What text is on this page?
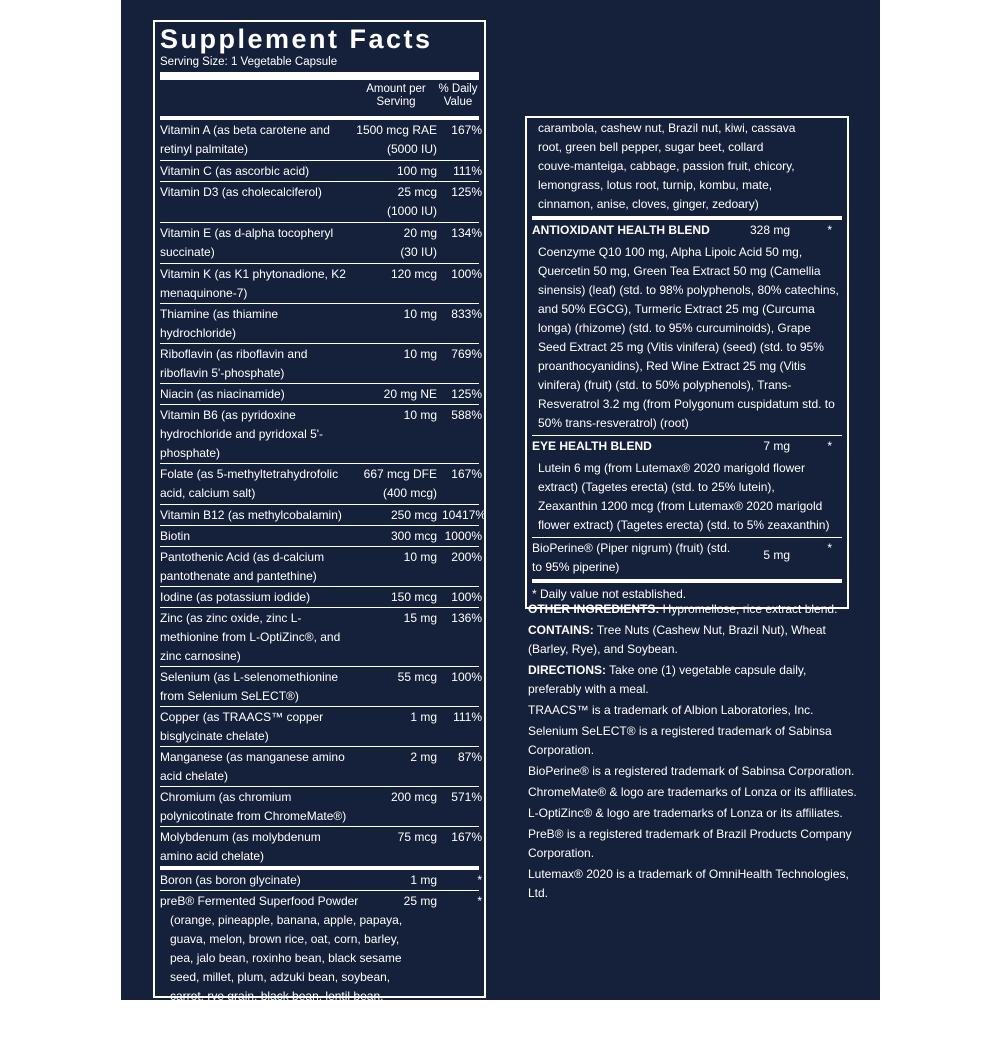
Supplement Facts
Serving Size: 1 Vegetable Capsule
Amount per Serving
% Daily Value
Vitamin A (as beta carotene and retinyl palmitate)
1500 mcg RAE	167%
(5000 IU)
Vitamin C (as ascorbic acid)	100 mg	111%
Vitamin D3 (as cholecalciferol)	25 mcg	125%
(1000 IU)
Vitamin E (as d-alpha tocopheryl succinate)
20 mg	134%
(30 IU)
Vitamin K (as K1 phytonadione, K2 menaquinone-7)
120 mcg	100%
Thiamine (as thiamine hydrochloride)
10 mg	833%
Riboflavin (as riboflavin and riboflavin 5'-phosphate)
10 mg	769%
Niacin (as niacinamide)	20 mg NE	125%
Vitamin B6 (as pyridoxine hydrochloride and pyridoxal 5'-phosphate)
10 mg	588%
Folate (as 5-methyltetrahydrofolic acid, calcium salt)
667 mcg DFE	167%
(400 mcg)
Vitamin B12 (as methylcobalamin)	250 mcg 10417%
Biotin	300 mcg 1000%
Pantothenic Acid (as d-calcium pantothenate and pantethine)
10 mg	200%
Iodine (as potassium iodide)	150 mcg	100%
Zinc (as zinc oxide, zinc L-methionine from L-OptiZinc®, and zinc carnosine)
15 mg	136%
Selenium (as L-selenomethionine from Selenium SeLECT®)
55 mcg	100%
Copper (as TRAACS™ copper bisglycinate chelate)
1 mg	111%
Manganese (as manganese amino acid chelate)
2 mg	87%
Chromium (as chromium polynicotinate from ChromeMate®)
200 mcg	571%
Molybdenum (as molybdenum amino acid chelate)
75 mcg	167%
Boron (as boron glycinate)	1 mg	*
preB® Fermented Superfood Powder	25 mg	*
(orange, pineapple, banana, apple, papaya, guava, melon, brown rice, oat, corn, barley, pea, jalo bean, roxinho bean, black sesame seed, millet, plum, adzuki bean, soybean, carrot, rye grain, black bean, lentil bean, avocado, acerola, lemon, pear, tomato, red grape, mango, watermelon, pumpkin, sweet potato, chickpea,
carambola, cashew nut, Brazil nut, kiwi, cassava root, green bell pepper, sugar beet, collard couve-manteiga, cabbage, passion fruit, chicory, lemongrass, lotus root, turnip, kombu, mate, cinnamon, anise, cloves, ginger, zedoary)
ANTIOXIDANT HEALTH BLEND	328 mg	*
Coenzyme Q10 100 mg, Alpha Lipoic Acid 50 mg, Quercetin 50 mg, Green Tea Extract 50 mg (Camellia sinensis) (leaf) (std. to 98% polyphenols, 80% catechins, and 50% EGCG), Turmeric Extract 25 mg (Curcuma longa) (rhizome) (std. to 95% curcuminoids), Grape Seed Extract 25 mg (Vitis vinifera) (seed) (std. to 95% proanthocyanidins), Red Wine Extract 25 mg (Vitis vinifera) (fruit) (std. to 50% polyphenols), Trans-Resveratrol 3.2 mg (from Polygonum cuspidatum std. to 50% trans-resveratrol) (root)
EYE HEALTH BLEND	7 mg	*
Lutein 6 mg (from Lutemax® 2020 marigold flower extract) (Tagetes erecta) (std. to 25% lutein),
Zeaxanthin 1200 mcg (from Lutemax® 2020 marigold flower extract) (Tagetes erecta) (std. to 5% zeaxanthin)
BioPerine® (Piper nigrum) (fruit) (std. to 95% piperine)
5 mg	*
* Daily value not established.

OTHER INGREDIENTS: Hypromellose, rice extract blend.

CONTAINS: Tree Nuts (Cashew Nut, Brazil Nut), Wheat (Barley, Rye), and Soybean.

DIRECTIONS: Take one (1) vegetable capsule daily, preferably with a meal.

TRAACS™ is a trademark of Albion Laboratories, Inc.

Selenium SeLECT® is a registered trademark of Sabinsa Corporation.

BioPerine® is a registered trademark of Sabinsa Corporation.

ChromeMate® & logo are trademarks of Lonza or its affiliates.

L-OptiZinc® & logo are trademarks of Lonza or its affiliates.

PreB® is a registered trademark of Brazil Products Company Corporation.

Lutemax® 2020 is a trademark of OmniHealth Technologies, Ltd.
